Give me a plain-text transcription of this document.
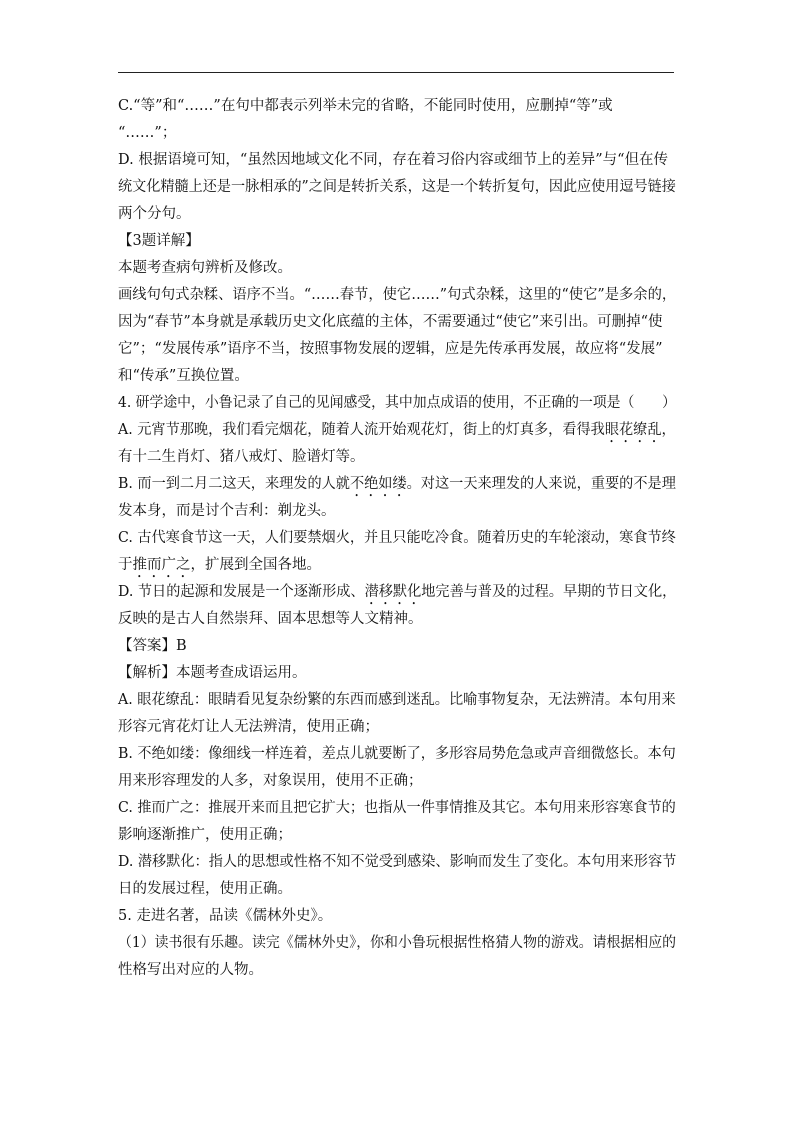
C.“等”和“……”在句中都表示列举未完的省略，不能同时使用，应删掉“等”或
“……”；
D. 根据语境可知，“虽然因地域文化不同，存在着习俗内容或细节上的差异”与“但在传
统文化精髓上还是一脉相承的”之间是转折关系，这是一个转折复句，因此应使用逗号链接
两个分句。
【3题详解】
本题考查病句辨析及修改。
画线句句式杂糅、语序不当。“……春节，使它……”句式杂糅，这里的“使它”是多余的，
因为“春节”本身就是承载历史文化底蕴的主体，不需要通过“使它”来引出。可删掉“使
它”；“发展传承”语序不当，按照事物发展的逻辑，应是先传承再发展，故应将“发展”
和“传承”互换位置。
4. 研学途中，小鲁记录了自己的见闻感受，其中加点成语的使用，不正确的一项是（　　）
A. 元宵节那晚，我们看完烟花，随着人流开始观花灯，街上的灯真多，看得我眼花缭乱，
有十二生肖灯、猪八戒灯、脸谱灯等。
B. 而一到二月二这天，来理发的人就不绝如缕。对这一天来理发的人来说，重要的不是理
发本身，而是讨个吉利：剃龙头。
C. 古代寒食节这一天，人们要禁烟火，并且只能吃冷食。随着历史的车轮滚动，寒食节终
于推而广之，扩展到全国各地。
D. 节日的起源和发展是一个逐渐形成、潜移默化地完善与普及的过程。早期的节日文化，
反映的是古人自然崇拜、固本思想等人文精神。
【答案】B
【解析】本题考查成语运用。
A. 眼花缭乱：眼睛看见复杂纷繁的东西而感到迷乱。比喻事物复杂，无法辨清。本句用来
形容元宵花灯让人无法辨清，使用正确；
B. 不绝如缕：像细线一样连着，差点儿就要断了，多形容局势危急或声音细微悠长。本句
用来形容理发的人多，对象误用，使用不正确；
C. 推而广之：推展开来而且把它扩大；也指从一件事情推及其它。本句用来形容寒食节的
影响逐渐推广，使用正确；
D. 潜移默化：指人的思想或性格不知不觉受到感染、影响而发生了变化。本句用来形容节
日的发展过程，使用正确。
5. 走进名著，品读《儒林外史》。
（1）读书很有乐趣。读完《儒林外史》，你和小鲁玩根据性格猜人物的游戏。请根据相应的
性格写出对应的人物。
